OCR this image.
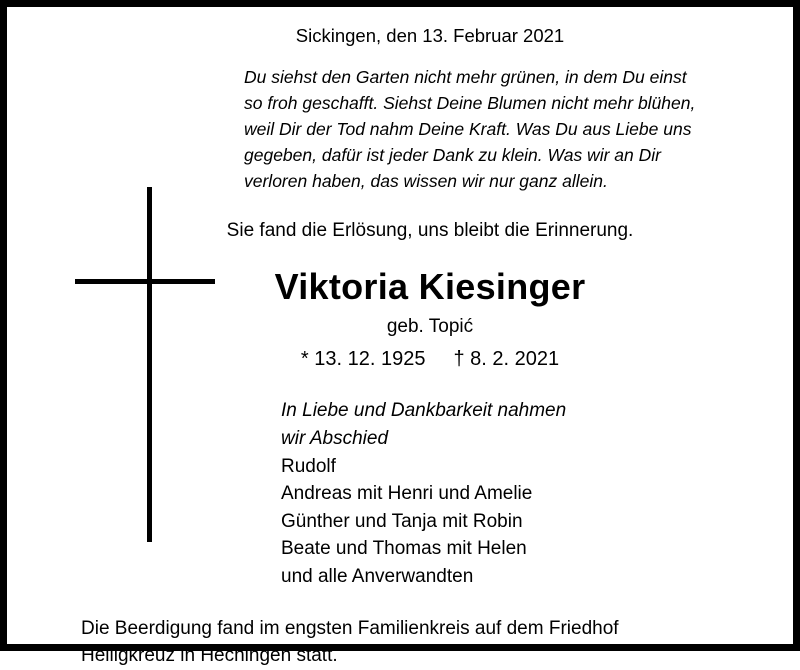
Sickingen, den 13. Februar 2021
Du siehst den Garten nicht mehr grünen, in dem Du einst
so froh geschafft. Siehst Deine Blumen nicht mehr blühen,
weil Dir der Tod nahm Deine Kraft. Was Du aus Liebe uns
gegeben, dafür ist jeder Dank zu klein. Was wir an Dir
verloren haben, das wissen wir nur ganz allein.
Sie fand die Erlösung, uns bleibt die Erinnerung.
Viktoria Kiesinger
geb. Topić
* 13. 12. 1925 † 8. 2. 2021
In Liebe und Dankbarkeit nahmen
wir Abschied
Rudolf
Andreas mit Henri und Amelie
Günther und Tanja mit Robin
Beate und Thomas mit Helen
und alle Anverwandten
Die Beerdigung fand im engsten Familienkreis auf dem Friedhof
Heiligkreuz in Hechingen statt.
